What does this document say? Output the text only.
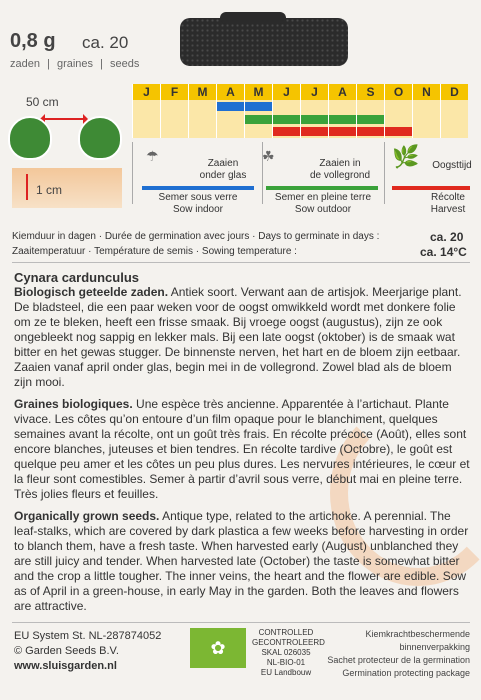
0,8 g ca. 20
zaden | graines | seeds
50 cm
1 cm
J	F	M	A	M	J	J	A	S	O	N	D
☂	Zaaien
onder glas
Semer sous verre
Sow indoor
☘	Zaaien in
de vollegrond
Semer en pleine terre
Sow outdoor
🌿	Oogsttijd
Récolte
Harvest
Kiemduur in dagen · Durée de germination avec jours · Days to germinate in days :	ca. 20
Zaaitemperatuur · Température de semis · Sowing temperature :	ca. 14°C
Cynara cardunculus

Biologisch geteelde zaden. Antiek soort. Verwant aan de artisjok. Meerjarige plant. De bladsteel, die een paar weken voor de oogst omwikkeld wordt met donkere folie om ze te bleken, heeft een frisse smaak. Bij vroege oogst (augustus), zijn ze ook ongebleekt nog sappig en lekker mals. Bij een late oogst (oktober) is de smaak wat bitter en het gewas stugger. De binnenste nerven, het hart en de bloem zijn eetbaar. Zaaien vanaf april onder glas, begin mei in de vollegrond. Zowel blad als de bloem zijn mooi.

Graines biologiques. Une espèce très ancienne. Apparentée à l’artichaut. Plante vivace. Les côtes qu’on entoure d’un film opaque pour le blanchiment, quelques semaines avant la récolte, ont un goût très frais. En récolte précoce (Août), elles sont encore blanches, juteuses et bien tendres. En récolte tardive (Octobre), le goût est quelque peu amer et les côtes un peu plus dures. Les nervures intérieures, le cœur et la fleur sont comestibles. Semer à partir d’avril sous verre, début mai en pleine terre. Très jolies fleurs et feuilles.

Organically grown seeds. Antique type, related to the artichoke. A perennial. The leaf-stalks, which are covered by dark plastica a few weeks before harvesting in order to blanch them, have a fresh taste. When harvested early (August) unblanched they are still juicy and tender. When harvested late (October) the taste is somewhat bitter and the crop a little tougher. The inner veins, the heart and the flower are edible. Sow as of April in a green-house, in early May in the garden. Both the leaves and flowers are attractive.

EU System St. NL-287874052
© Garden Seeds B.V.
www.sluisgarden.nl
✿
CONTROLLED
GECONTROLEERD
SKAL 026035
NL-BIO-01
EU Landbouw
Kiemkrachtbeschermende
binnenverpakking
Sachet protecteur de la germination
Germination protecting package
